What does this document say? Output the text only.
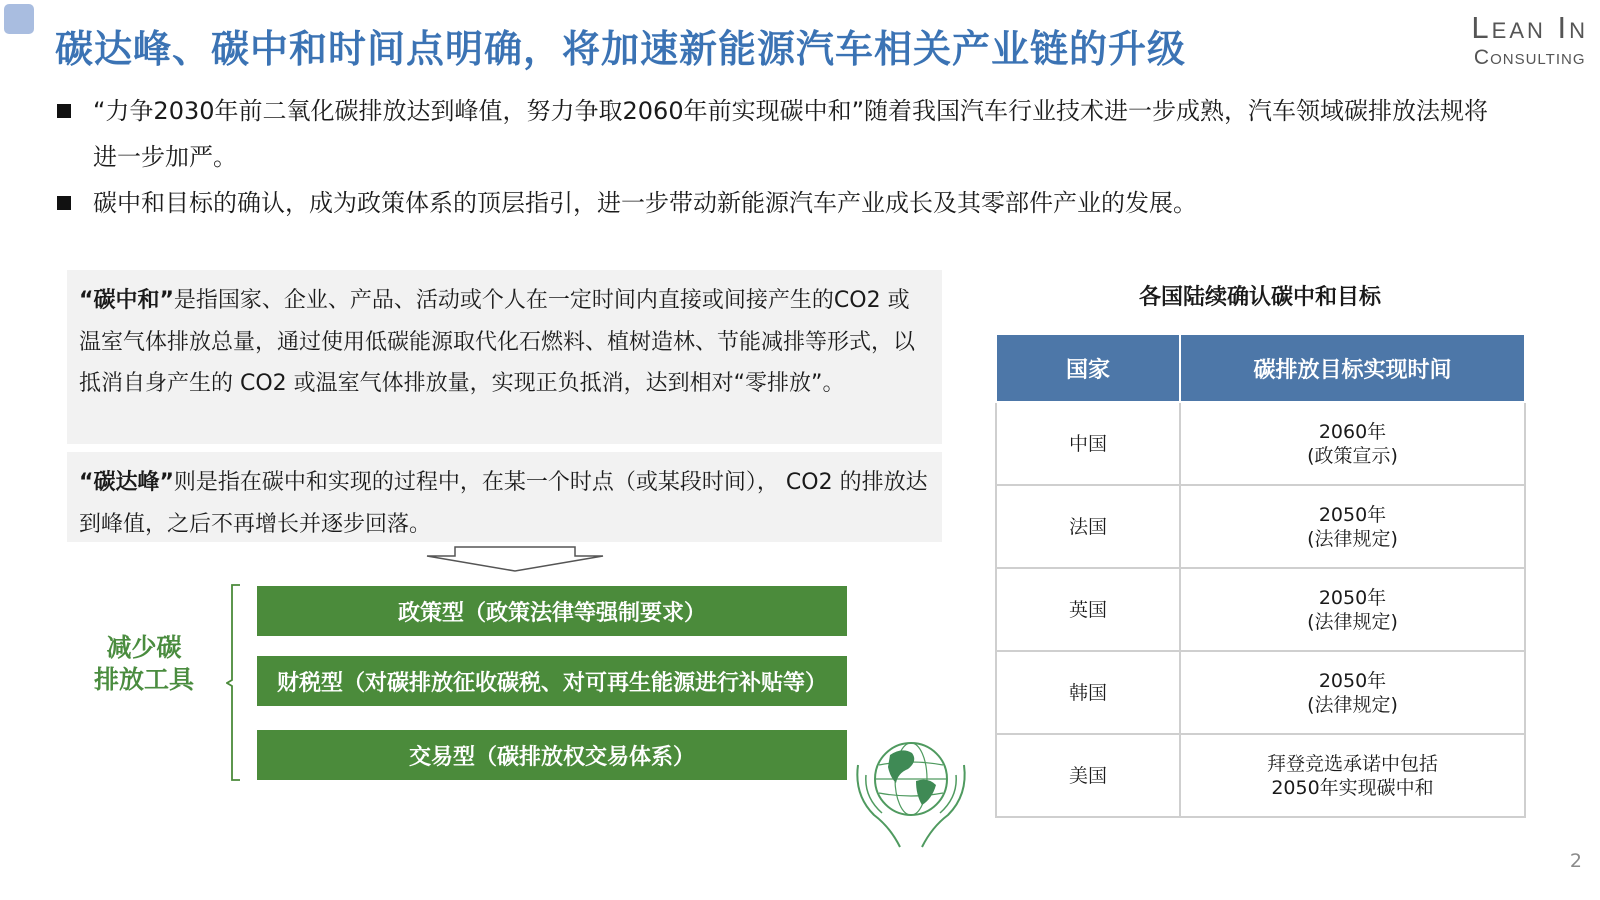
碳达峰、碳中和时间点明确，将加速新能源汽车相关产业链的升级	Lean In
Consulting
“力争2030年前二氧化碳排放达到峰值，努力争取2060年前实现碳中和”随着我国汽车行业技术进一步成熟，汽车领域碳排放法规将进一步加严。
碳中和目标的确认，成为政策体系的顶层指引，进一步带动新能源汽车产业成长及其零部件产业的发展。
“碳中和”是指国家、企业、产品、活动或个人在一定时间内直接或间接产生的CO2 或温室气体排放总量，通过使用低碳能源取代化石燃料、植树造林、节能减排等形式，以抵消自身产生的 CO2 或温室气体排放量，实现正负抵消，达到相对“零排放”。
“碳达峰”则是指在碳中和实现的过程中，在某一个时点（或某段时间）， CO2 的排放达到峰值，之后不再增长并逐步回落。
减少碳
排放工具
政策型（政策法律等强制要求）
财税型（对碳排放征收碳税、对可再生能源进行补贴等）
交易型（碳排放权交易体系）
各国陆续确认碳中和目标
国家	碳排放目标实现时间
中国	2060年
(政策宣示)

法国	2050年
(法律规定)

英国	2050年
(法律规定)

韩国	2050年
(法律规定)

美国	拜登竞选承诺中包括
2050年实现碳中和
2
